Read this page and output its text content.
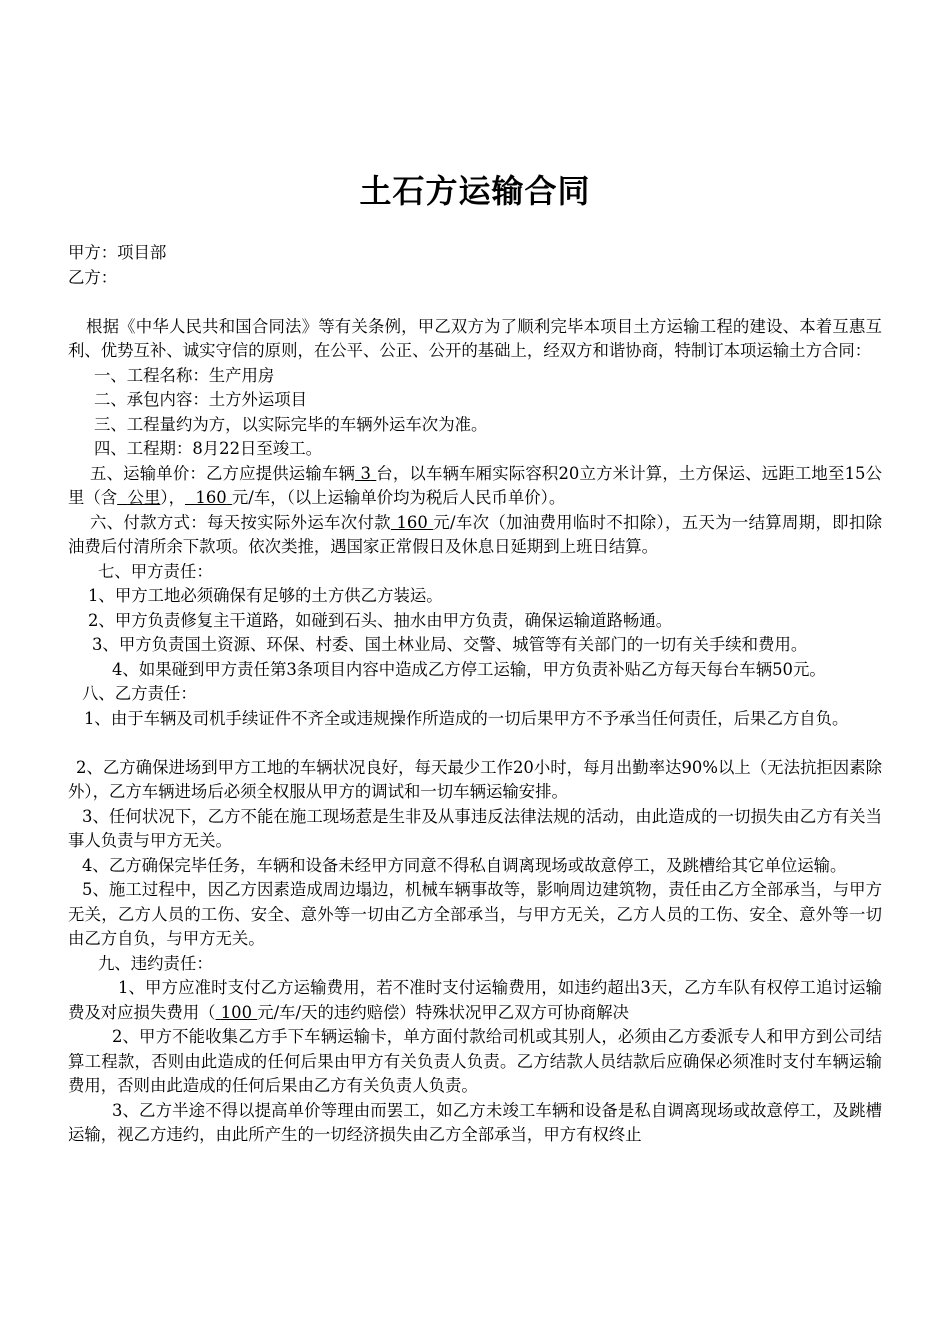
土石方运输合同

甲方：项目部

乙方：

根据《中华人民共和国合同法》等有关条例，甲乙双方为了顺利完毕本项目土方运输工程的建设、本着互惠互利、优势互补、诚实守信的原则，在公平、公正、公开的基础上，经双方和谐协商，特制订本项运输土方合同：

一、工程名称：生产用房

二、承包内容：土方外运项目

三、工程量约为方，以实际完毕的车辆外运车次为准。

四、工程期：8月22日至竣工。

五、运输单价：乙方应提供运输车辆 3 台，以车辆车厢实际容积20立方米计算，土方保运、远距工地至15公里（含 公里）， 160 元/车，（以上运输单价均为税后人民币单价）。

六、付款方式：每天按实际外运车次付款 160 元/车次（加油费用临时不扣除），五天为一结算周期，即扣除油费后付清所余下款项。依次类推，遇国家正常假日及休息日延期到上班日结算。

七、甲方责任：

1、甲方工地必须确保有足够的土方供乙方装运。

2、甲方负责修复主干道路，如碰到石头、抽水由甲方负责，确保运输道路畅通。

3、甲方负责国土资源、环保、村委、国土林业局、交警、城管等有关部门的一切有关手续和费用。

4、如果碰到甲方责任第3条项目内容中造成乙方停工运输，甲方负责补贴乙方每天每台车辆50元。

八、乙方责任：

1、由于车辆及司机手续证件不齐全或违规操作所造成的一切后果甲方不予承当任何责任，后果乙方自负。

2、乙方确保进场到甲方工地的车辆状况良好，每天最少工作20小时，每月出勤率达90%以上（无法抗拒因素除外），乙方车辆进场后必须全权服从甲方的调试和一切车辆运输安排。

3、任何状况下，乙方不能在施工现场惹是生非及从事违反法律法规的活动，由此造成的一切损失由乙方有关当事人负责与甲方无关。

4、乙方确保完毕任务，车辆和设备未经甲方同意不得私自调离现场或故意停工，及跳槽给其它单位运输。

5、施工过程中，因乙方因素造成周边塌边，机械车辆事故等，影响周边建筑物，责任由乙方全部承当，与甲方无关，乙方人员的工伤、安全、意外等一切由乙方全部承当，与甲方无关，乙方人员的工伤、安全、意外等一切由乙方自负，与甲方无关。

九、违约责任：

1、甲方应准时支付乙方运输费用，若不准时支付运输费用，如违约超出3天，乙方车队有权停工追讨运输费及对应损失费用（ 100 元/车/天的违约赔偿）特殊状况甲乙双方可协商解决

2、甲方不能收集乙方手下车辆运输卡，单方面付款给司机或其别人，必须由乙方委派专人和甲方到公司结算工程款，否则由此造成的任何后果由甲方有关负责人负责。乙方结款人员结款后应确保必须准时支付车辆运输费用，否则由此造成的任何后果由乙方有关负责人负责。

3、乙方半途不得以提高单价等理由而罢工，如乙方未竣工车辆和设备是私自调离现场或故意停工，及跳槽运输，视乙方违约，由此所产生的一切经济损失由乙方全部承当，甲方有权终止
